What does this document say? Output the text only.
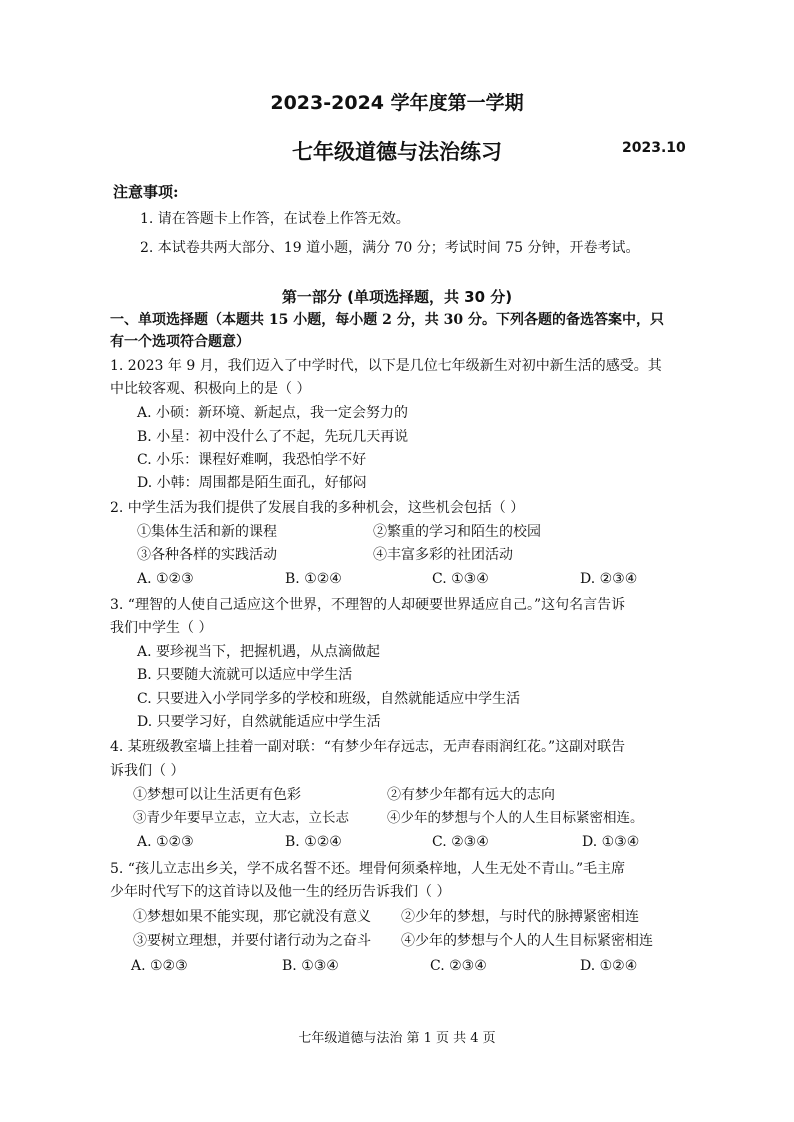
2023-2024 学年度第一学期
七年级道德与法治练习	2023.10
注意事项:
1. 请在答题卡上作答，在试卷上作答无效。
2. 本试卷共两大部分、19 道小题，满分 70 分；考试时间 75 分钟，开卷考试。
第一部分 (单项选择题，共 30 分)
一、单项选择题（本题共 15 小题，每小题 2 分，共 30 分。下列各题的备选答案中，只
有一个选项符合题意）
1. 2023 年 9 月，我们迈入了中学时代，以下是几位七年级新生对初中新生活的感受。其
中比较客观、积极向上的是（ ）
A. 小硕：新环境、新起点，我一定会努力的
B. 小星：初中没什么了不起，先玩几天再说
C. 小乐：课程好难啊，我恐怕学不好
D. 小韩：周围都是陌生面孔，好郁闷
2. 中学生活为我们提供了发展自我的多种机会，这些机会包括（ ）
①集体生活和新的课程	②繁重的学习和陌生的校园
③各种各样的实践活动	④丰富多彩的社团活动
A. ①②③	B. ①②④	C. ①③④	D. ②③④
3. “理智的人使自己适应这个世界，不理智的人却硬要世界适应自己。”这句名言告诉
我们中学生（ ）
A. 要珍视当下，把握机遇，从点滴做起
B. 只要随大流就可以适应中学生活
C. 只要进入小学同学多的学校和班级，自然就能适应中学生活
D. 只要学习好，自然就能适应中学生活
4. 某班级教室墙上挂着一副对联：“有梦少年存远志，无声春雨润红花。”这副对联告
诉我们（ ）
①梦想可以让生活更有色彩	②有梦少年都有远大的志向
③青少年要早立志，立大志，立长志	④少年的梦想与个人的人生目标紧密相连。
A. ①②③	B. ①②④	C. ②③④	D. ①③④
5. “孩儿立志出乡关，学不成名誓不还。埋骨何须桑梓地，人生无处不青山。”毛主席
少年时代写下的这首诗以及他一生的经历告诉我们（ ）
①梦想如果不能实现，那它就没有意义 ②少年的梦想，与时代的脉搏紧密相连
③要树立理想，并要付诸行动为之奋斗 ④少年的梦想与个人的人生目标紧密相连
A. ①②③	B. ①③④	C. ②③④	D. ①②④
七年级道德与法治 第 1 页 共 4 页
